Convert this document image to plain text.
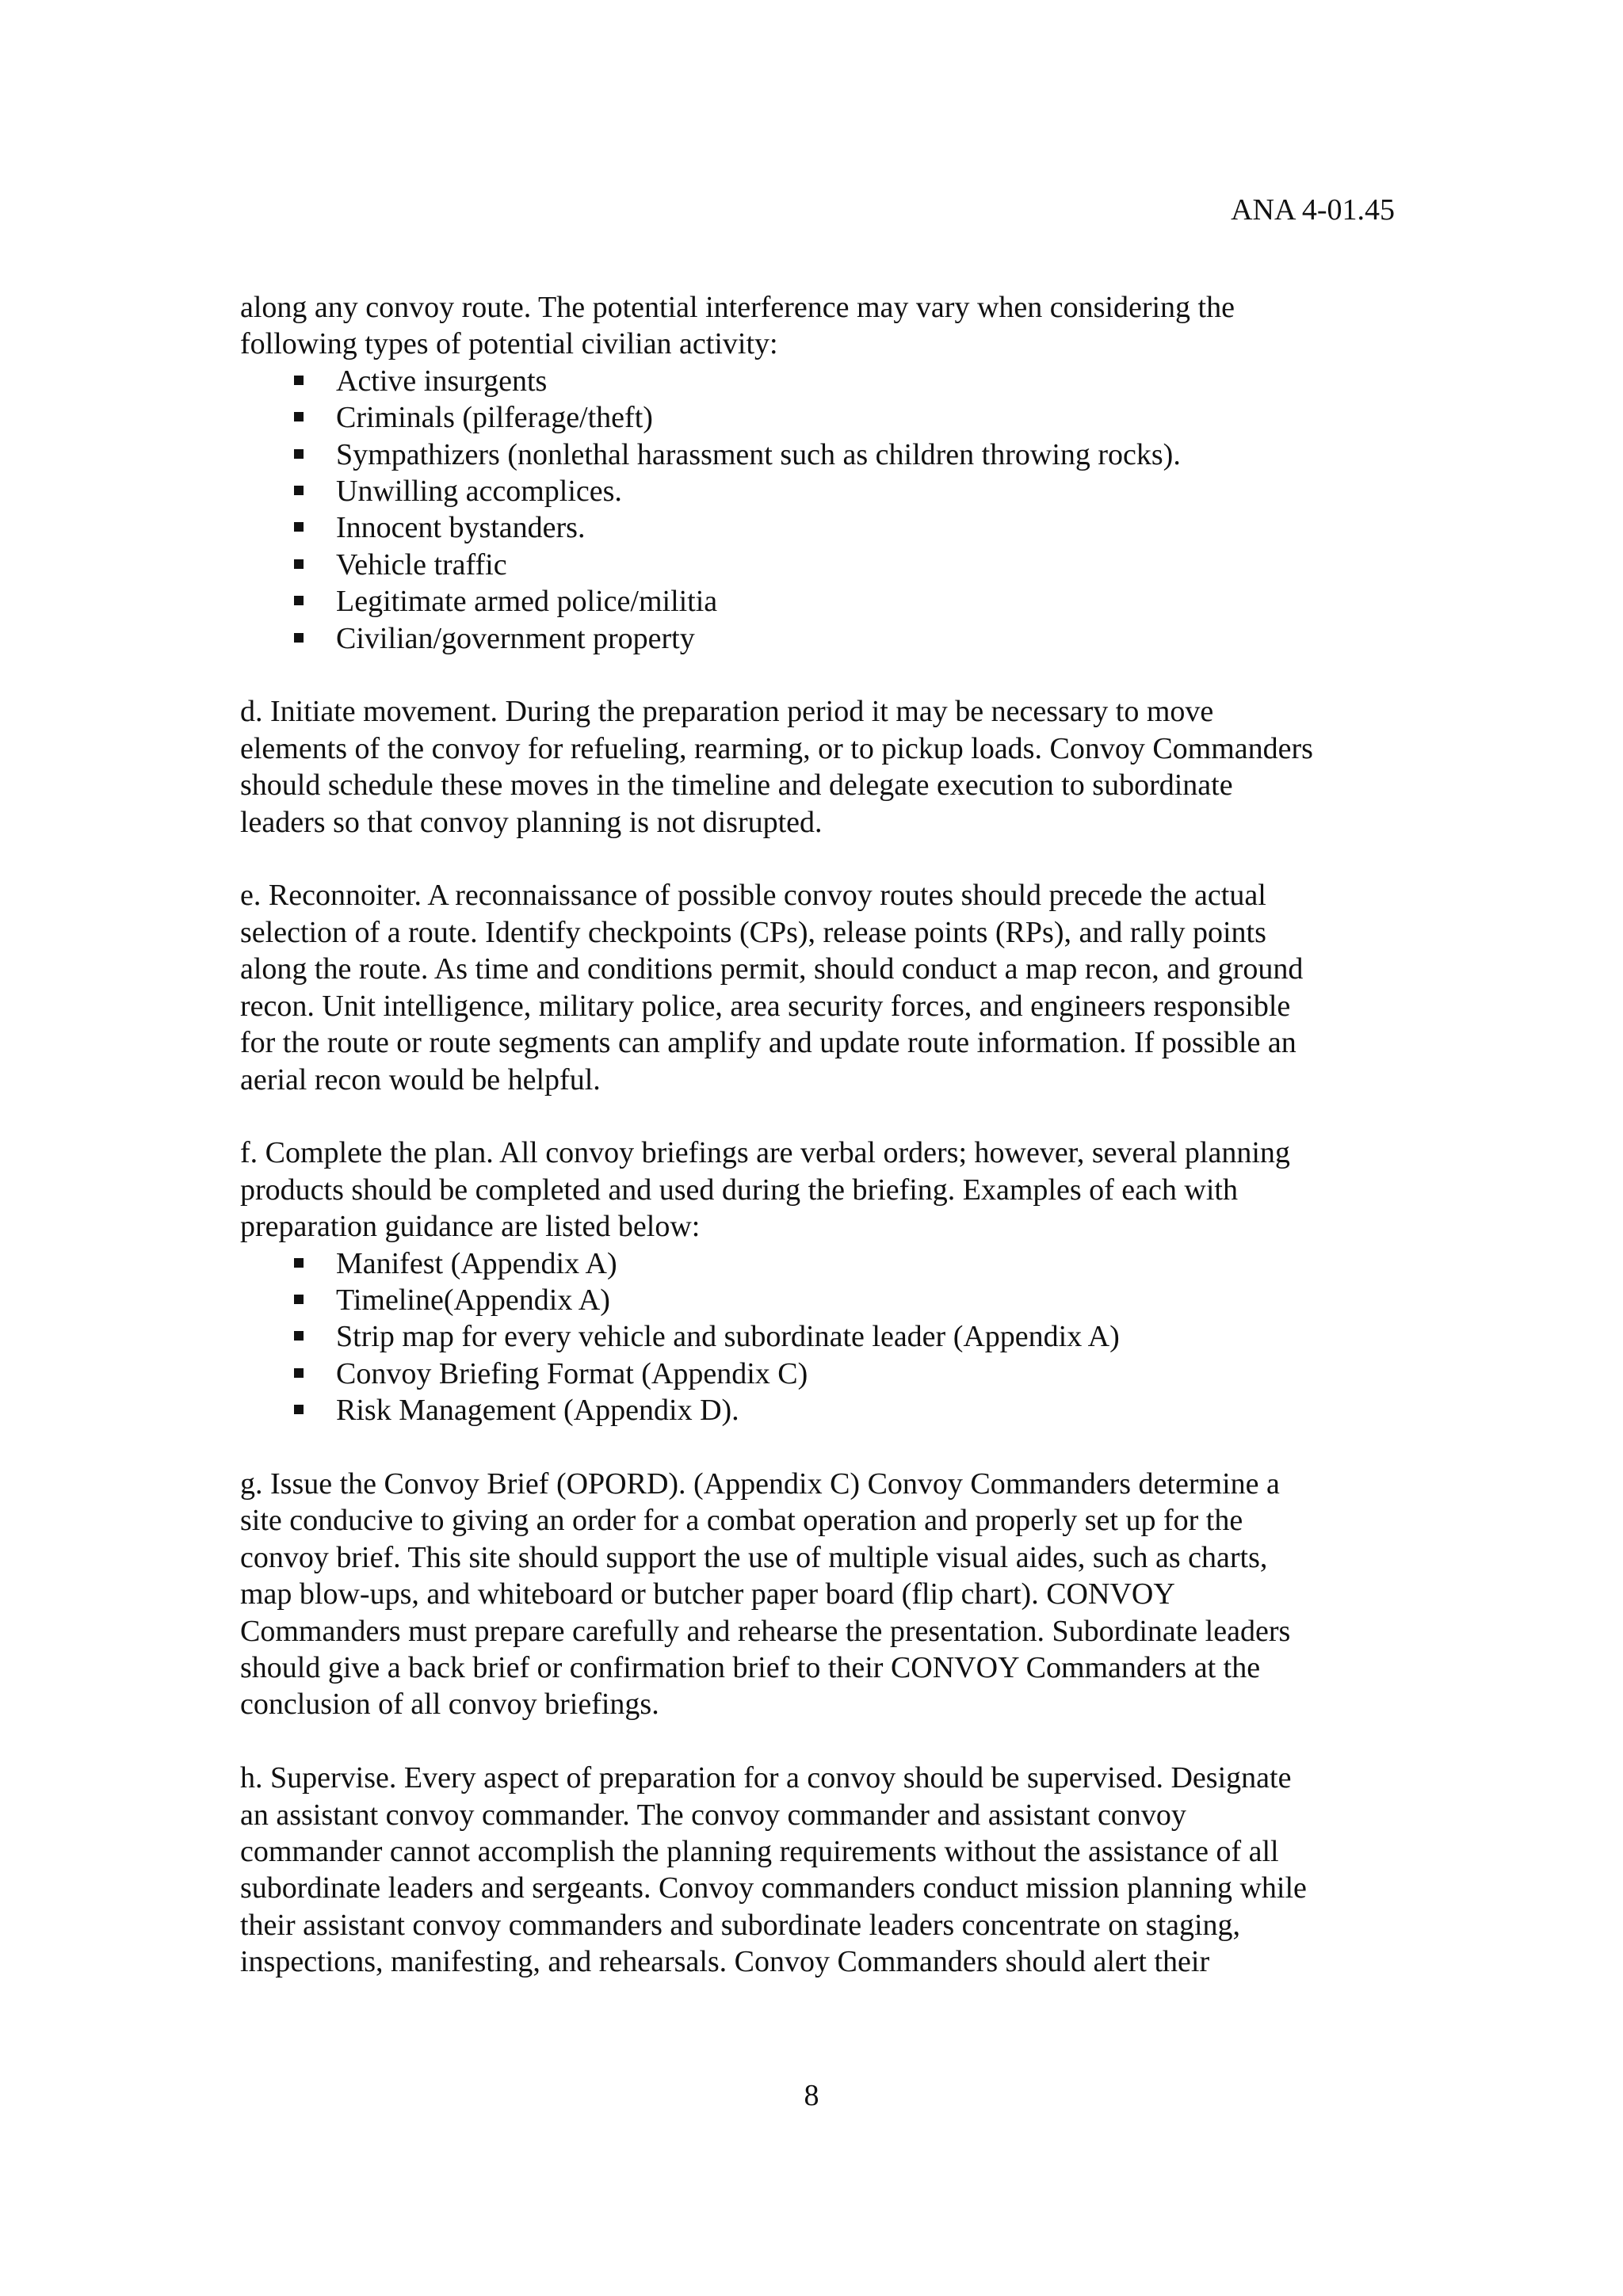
ANA 4-01.45

along any convoy route. The potential interference may vary when considering the

following types of potential civilian activity:

Active insurgents
Criminals (pilferage/theft)
Sympathizers (nonlethal harassment such as children throwing rocks).
Unwilling accomplices.
Innocent bystanders.
Vehicle traffic
Legitimate armed police/militia
Civilian/government property

d. Initiate movement. During the preparation period it may be necessary to move

elements of the convoy for refueling, rearming, or to pickup loads. Convoy Commanders

should schedule these moves in the timeline and delegate execution to subordinate

leaders so that convoy planning is not disrupted.

e. Reconnoiter. A reconnaissance of possible convoy routes should precede the actual

selection of a route. Identify checkpoints (CPs), release points (RPs), and rally points

along the route. As time and conditions permit, should conduct a map recon, and ground

recon. Unit intelligence, military police, area security forces, and engineers responsible

for the route or route segments can amplify and update route information. If possible an

aerial recon would be helpful.

f. Complete the plan. All convoy briefings are verbal orders; however, several planning

products should be completed and used during the briefing. Examples of each with

preparation guidance are listed below:

Manifest (Appendix A)
Timeline(Appendix A)
Strip map for every vehicle and subordinate leader (Appendix A)
Convoy Briefing Format (Appendix C)
Risk Management (Appendix D).

g. Issue the Convoy Brief (OPORD). (Appendix C) Convoy Commanders determine a

site conducive to giving an order for a combat operation and properly set up for the

convoy brief. This site should support the use of multiple visual aides, such as charts,

map blow-ups, and whiteboard or butcher paper board (flip chart). CONVOY

Commanders must prepare carefully and rehearse the presentation. Subordinate leaders

should give a back brief or confirmation brief to their CONVOY Commanders at the

conclusion of all convoy briefings.

h. Supervise. Every aspect of preparation for a convoy should be supervised. Designate

an assistant convoy commander. The convoy commander and assistant convoy

commander cannot accomplish the planning requirements without the assistance of all

subordinate leaders and sergeants. Convoy commanders conduct mission planning while

their assistant convoy commanders and subordinate leaders concentrate on staging,

inspections, manifesting, and rehearsals. Convoy Commanders should alert their

8
